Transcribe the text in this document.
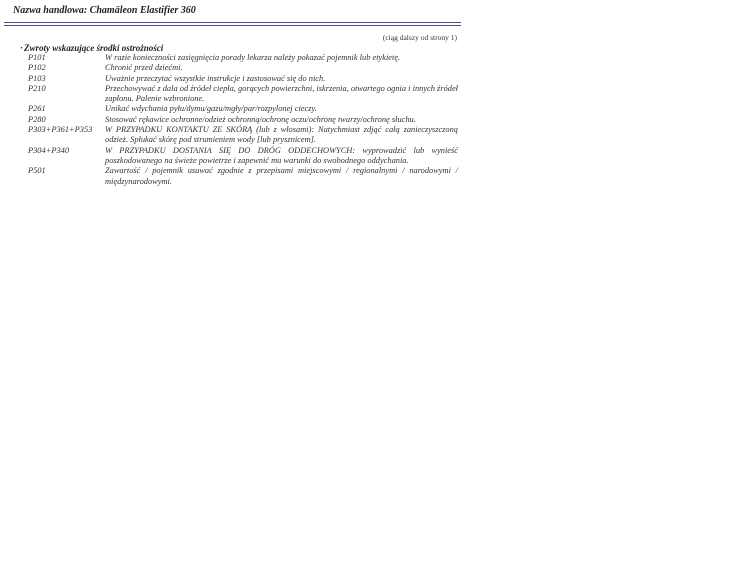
Nazwa handlowa: Chamäleon Elastifier 360
(ciąg dalszy od strony 1)
· Zwroty wskazujące środki ostrożności
P101	W razie konieczności zasięgnięcia porady lekarza należy pokazać pojemnik lub etykietę.
P102	Chronić przed dziećmi.
P103	Uważnie przeczytać wszystkie instrukcje i zastosować się do nich.
P210	Przechowywać z dala od źródeł ciepła, gorących powierzchni, iskrzenia, otwartego ognia i innych źródeł zapłonu. Palenie wzbronione.
P261	Unikać wdychania pyłu/dymu/gazu/mgły/par/rozpylonej cieczy.
P280	Stosować rękawice ochronne/odzież ochronną/ochronę oczu/ochronę twarzy/ochronę słuchu.
P303+P361+P353	W PRZYPADKU KONTAKTU ZE SKÓRĄ (lub z włosami): Natychmiast zdjąć całą zanieczyszczoną odzież. Spłukać skórę pod strumieniem wody [lub prysznicem].
P304+P340	W PRZYPADKU DOSTANIA SIĘ DO DRÓG ODDECHOWYCH: wyprowadzić lub wynieść poszkodowanego na świeże powietrze i zapewnić mu warunki do swobodnego oddychania.
P501	Zawartość / pojemnik usuwać zgodnie z przepisami miejscowymi / regionalnymi / narodowymi / międzynarodowymi.
